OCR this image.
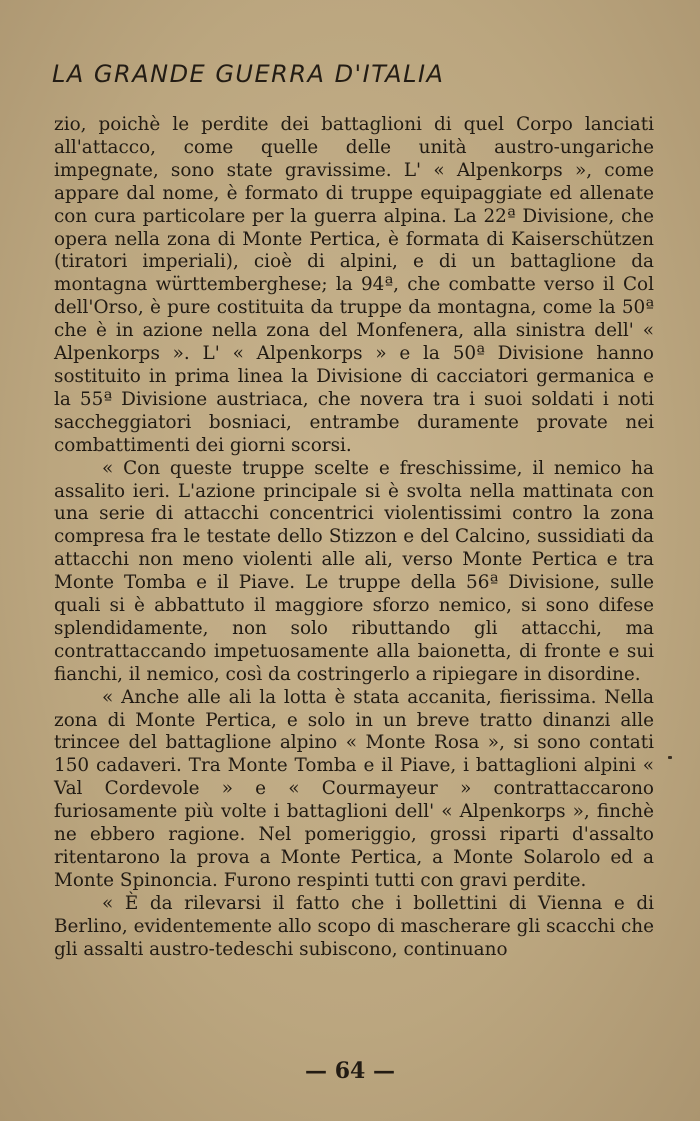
LA GRANDE GUERRA D'ITALIA

zio, poichè le perdite dei battaglioni di quel Corpo lanciati all'attacco, come quelle delle unità austro-ungariche impegnate, sono state gravissime. L' « Alpenkorps », come appare dal nome, è formato di truppe equipaggiate ed allenate con cura particolare per la guerra alpina. La 22ª Divisione, che opera nella zona di Monte Pertica, è formata di Kaiserschützen (tiratori imperiali), cioè di alpini, e di un battaglione da montagna württemberghese; la 94ª, che combatte verso il Col dell'Orso, è pure costituita da truppe da montagna, come la 50ª che è in azione nella zona del Monfenera, alla sinistra dell' « Alpenkorps ». L' « Alpenkorps » e la 50ª Divisione hanno sostituito in prima linea la Divisione di cacciatori germanica e la 55ª Divisione austriaca, che novera tra i suoi soldati i noti saccheggiatori bosniaci, entrambe duramente provate nei combattimenti dei giorni scorsi.

« Con queste truppe scelte e freschissime, il nemico ha assalito ieri. L'azione principale si è svolta nella mattinata con una serie di attacchi concentrici violentissimi contro la zona compresa fra le testate dello Stizzon e del Calcino, sussidiati da attacchi non meno violenti alle ali, verso Monte Pertica e tra Monte Tomba e il Piave. Le truppe della 56ª Divisione, sulle quali si è abbattuto il maggiore sforzo nemico, si sono difese splendidamente, non solo ributtando gli attacchi, ma contrattaccando impetuosamente alla baionetta, di fronte e sui fianchi, il nemico, così da costringerlo a ripiegare in disordine.

« Anche alle ali la lotta è stata accanita, fierissima. Nella zona di Monte Pertica, e solo in un breve tratto dinanzi alle trincee del battaglione alpino « Monte Rosa », si sono contati 150 cadaveri. Tra Monte Tomba e il Piave, i battaglioni alpini « Val Cordevole » e « Courmayeur » contrattaccarono furiosamente più volte i battaglioni dell' « Alpenkorps », finchè ne ebbero ragione. Nel pomeriggio, grossi riparti d'assalto ritentarono la prova a Monte Pertica, a Monte Solarolo ed a Monte Spinoncia. Furono respinti tutti con gravi perdite.

« È da rilevarsi il fatto che i bollettini di Vienna e di Berlino, evidentemente allo scopo di mascherare gli scacchi che gli assalti austro-tedeschi subiscono, continuano

— 64 —
